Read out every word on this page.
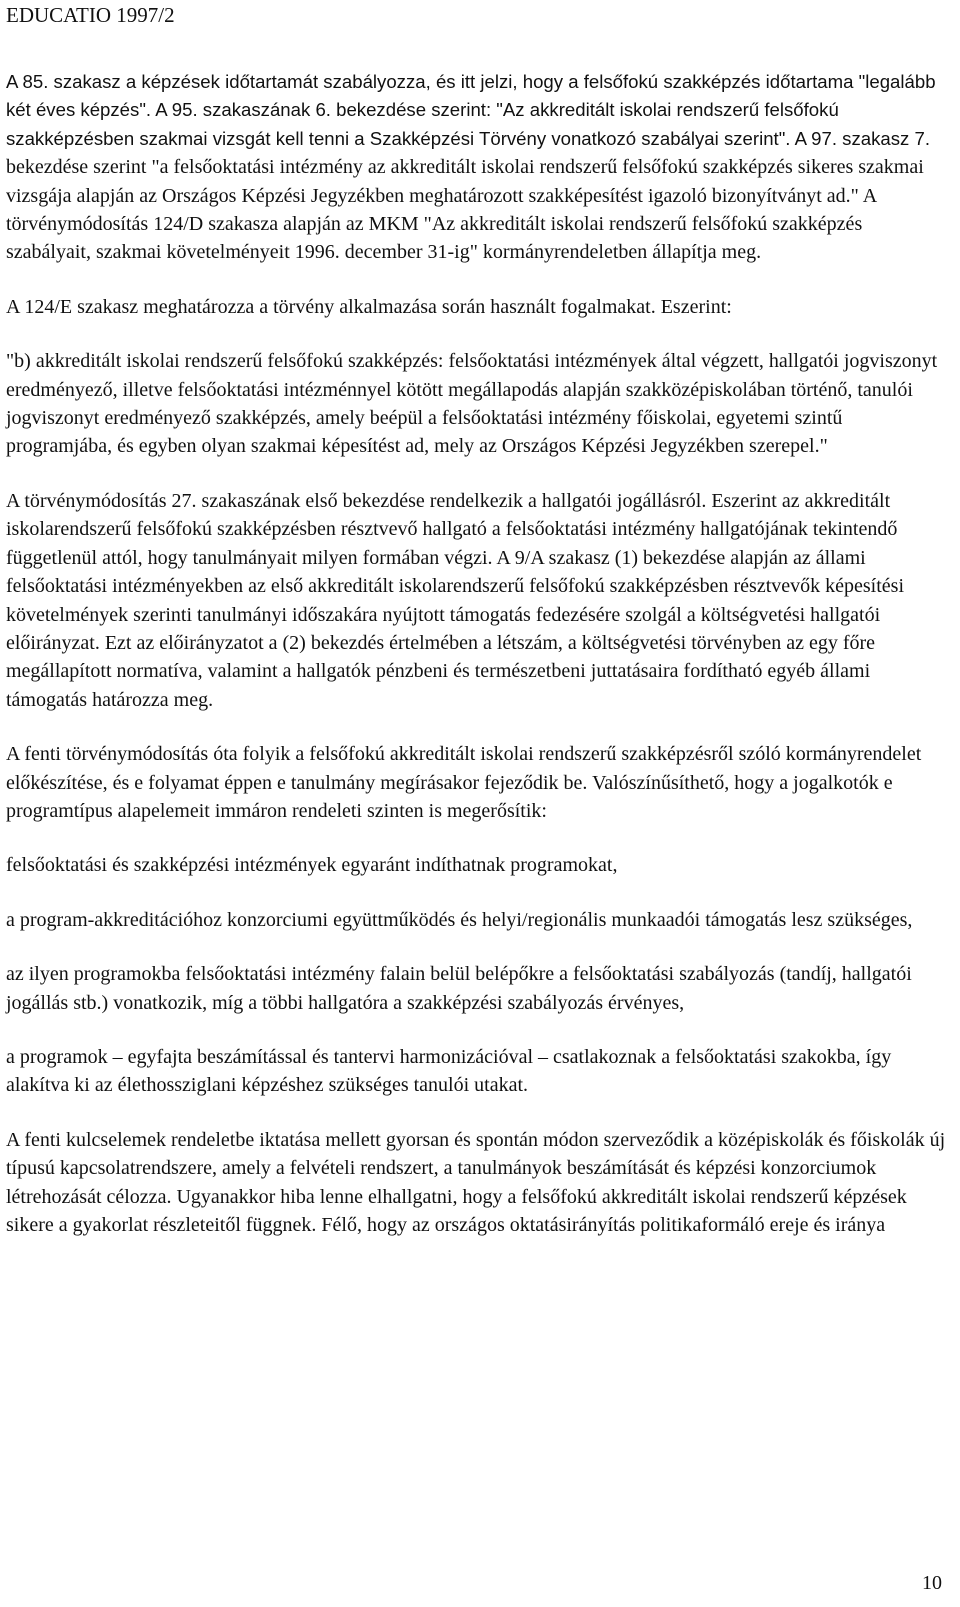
EDUCATIO 1997/2

A 85. szakasz a képzések időtartamát szabályozza, és itt jelzi, hogy a felsőfokú szakképzés időtartama "legalább két éves képzés". A 95. szakaszának 6. bekezdése szerint: "Az akkreditált iskolai rendszerű felsőfokú szakképzésben szakmai vizsgát kell tenni a Szakképzési Törvény vonatkozó szabályai szerint". A 97. szakasz 7. bekezdése szerint "a felsőoktatási intézmény az akkreditált iskolai rendszerű felsőfokú szakképzés sikeres szakmai vizsgája alapján az Országos Képzési Jegyzékben meghatározott szakképesítést igazoló bizonyítványt ad." A törvénymódosítás 124/D szakasza alapján az MKM "Az akkreditált iskolai rendszerű felsőfokú szakképzés szabályait, szakmai követelményeit 1996. december 31-ig" kormányrendeletben állapítja meg.

A 124/E szakasz meghatározza a törvény alkalmazása során használt fogalmakat. Eszerint:

"b) akkreditált iskolai rendszerű felsőfokú szakképzés: felsőoktatási intézmények által végzett, hallgatói jogviszonyt eredményező, illetve felsőoktatási intézménnyel kötött megállapodás alapján szakközépiskolában történő, tanulói jogviszonyt eredményező szakképzés, amely beépül a felsőoktatási intézmény főiskolai, egyetemi szintű programjába, és egyben olyan szakmai képesítést ad, mely az Országos Képzési Jegyzékben szerepel."

A törvénymódosítás 27. szakaszának első bekezdése rendelkezik a hallgatói jogállásról. Eszerint az akkreditált iskolarendszerű felsőfokú szakképzésben résztvevő hallgató a felsőoktatási intézmény hallgatójának tekintendő függetlenül attól, hogy tanulmányait milyen formában végzi. A 9/A szakasz (1) bekezdése alapján az állami felsőoktatási intézményekben az első akkreditált iskolarendszerű felsőfokú szakképzésben résztvevők képesítési követelmények szerinti tanulmányi időszakára nyújtott támogatás fedezésére szolgál a költségvetési hallgatói előirányzat. Ezt az előirányzatot a (2) bekezdés értelmében a létszám, a költségvetési törvényben az egy főre megállapított normatíva, valamint a hallgatók pénzbeni és természetbeni juttatásaira fordítható egyéb állami támogatás határozza meg.

A fenti törvénymódosítás óta folyik a felsőfokú akkreditált iskolai rendszerű szakképzésről szóló kormányrendelet előkészítése, és e folyamat éppen e tanulmány megírásakor fejeződik be. Valószínűsíthető, hogy a jogalkotók e programtípus alapelemeit immáron rendeleti szinten is megerősítik:

felsőoktatási és szakképzési intézmények egyaránt indíthatnak programokat,

a program-akkreditációhoz konzorciumi együttműködés és helyi/regionális munkaadói támogatás lesz szükséges,

az ilyen programokba felsőoktatási intézmény falain belül belépőkre a felsőoktatási szabályozás (tandíj, hallgatói jogállás stb.) vonatkozik, míg a többi hallgatóra a szakképzési szabályozás érvényes,

a programok – egyfajta beszámítással és tantervi harmonizációval – csatlakoznak a felsőoktatási szakokba, így alakítva ki az élethossziglani képzéshez szükséges tanulói utakat.

A fenti kulcselemek rendeletbe iktatása mellett gyorsan és spontán módon szerveződik a középiskolák és főiskolák új típusú kapcsolatrendszere, amely a felvételi rendszert, a tanulmányok beszámítását és képzési konzorciumok létrehozását célozza. Ugyanakkor hiba lenne elhallgatni, hogy a felsőfokú akkreditált iskolai rendszerű képzések sikere a gyakorlat részleteitől függnek. Félő, hogy az országos oktatásirányítás politikaformáló ereje és iránya

10
